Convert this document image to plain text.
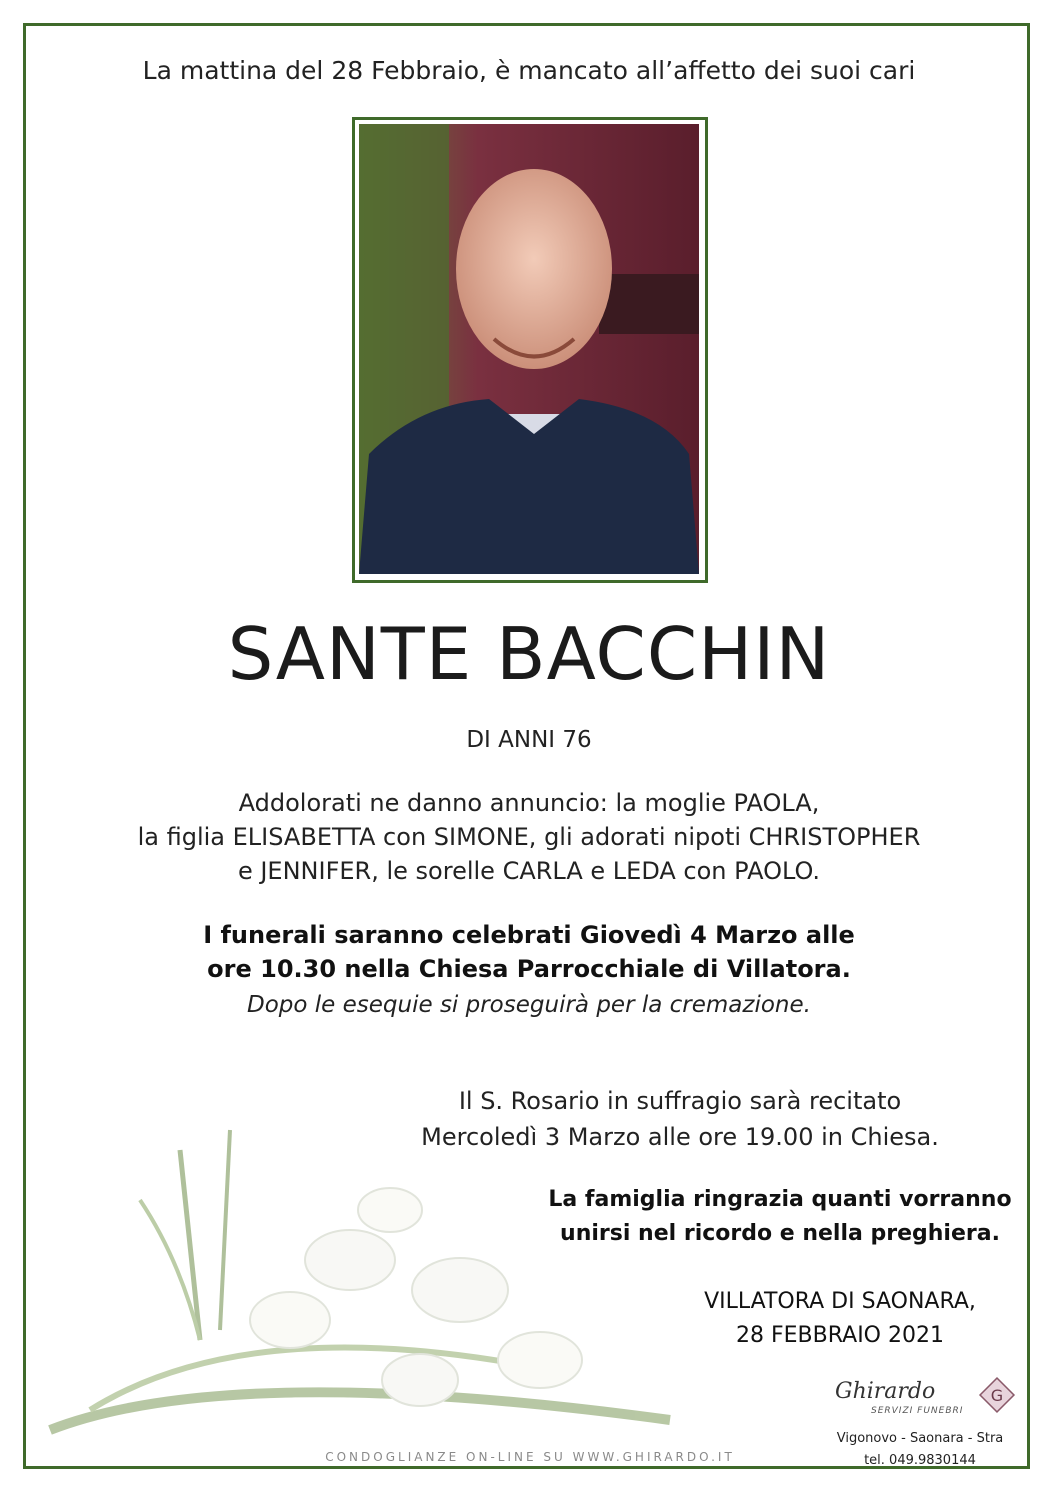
La mattina del 28 Febbraio, è mancato all’affetto dei suoi cari
SANTE BACCHIN
DI ANNI 76

Addolorati ne danno annuncio: la moglie PAOLA,

la figlia ELISABETTA con SIMONE, gli adorati nipoti CHRISTOPHER

e JENNIFER, le sorelle CARLA e LEDA con PAOLO.

I funerali saranno celebrati Giovedì 4 Marzo alle

ore 10.30 nella Chiesa Parrocchiale di Villatora.

Dopo le esequie si proseguirà per la cremazione.

Il S. Rosario in suffragio sarà recitato

Mercoledì 3 Marzo alle ore 19.00 in Chiesa.

La famiglia ringrazia quanti vorranno

unirsi nel ricordo e nella preghiera.

VILLATORA DI SAONARA,

28 FEBBRAIO 2021

Ghirardo
SERVIZI FUNEBRI
G

Vigonovo - Saonara - Stra

tel. 049.9830144

CONDOGLIANZE ON-LINE SU WWW.GHIRARDO.IT
